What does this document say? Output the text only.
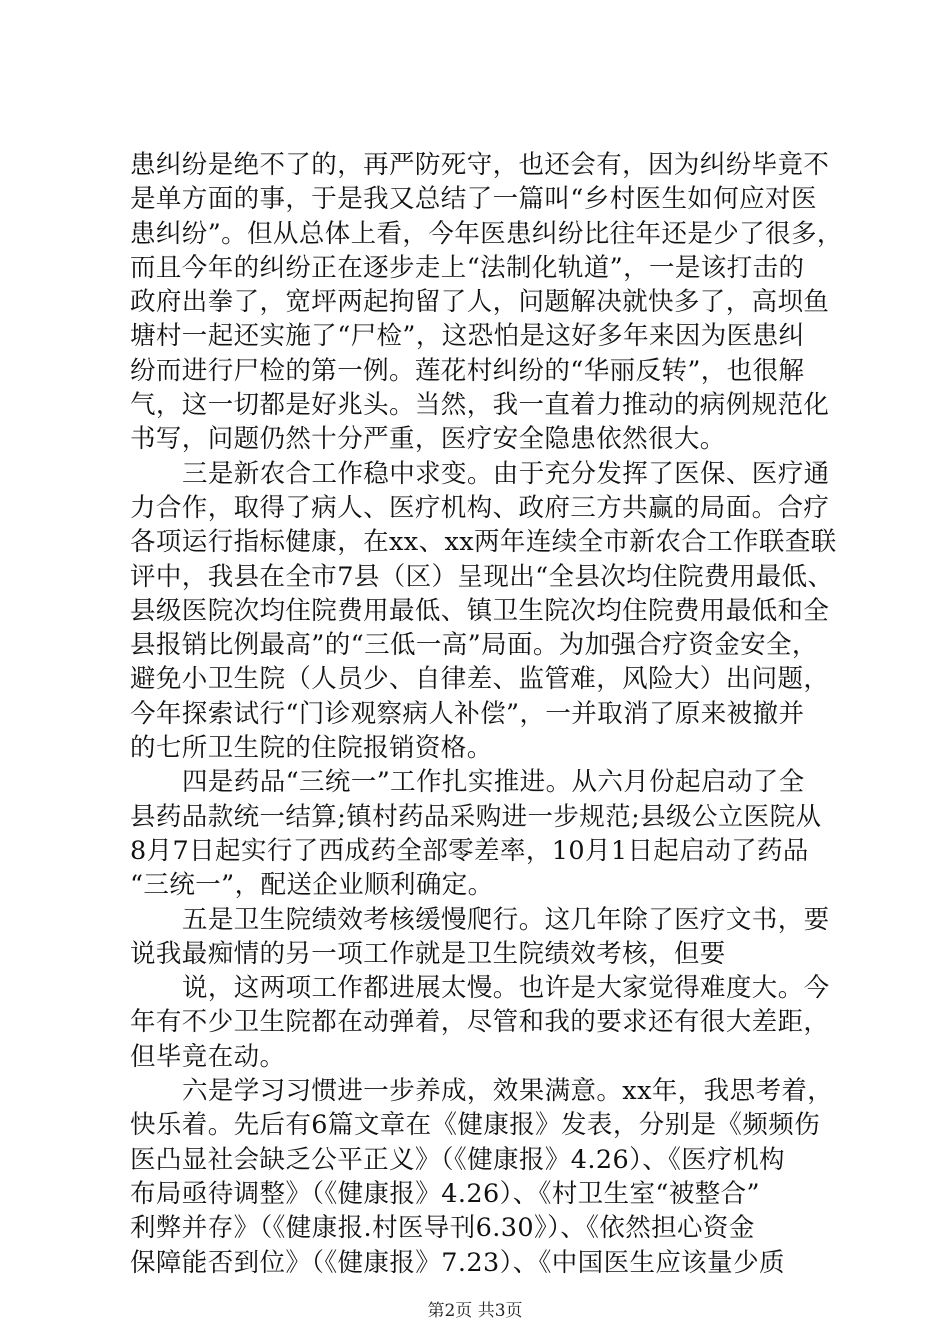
患纠纷是绝不了的，再严防死守，也还会有，因为纠纷毕竟不
是单方面的事，于是我又总结了一篇叫“乡村医生如何应对医
患纠纷”。但从总体上看，今年医患纠纷比往年还是少了很多，
而且今年的纠纷正在逐步走上“法制化轨道”，一是该打击的
政府出拳了，宽坪两起拘留了人，问题解决就快多了，高坝鱼
塘村一起还实施了“尸检”，这恐怕是这好多年来因为医患纠
纷而进行尸检的第一例。莲花村纠纷的“华丽反转”，也很解
气，这一切都是好兆头。当然，我一直着力推动的病例规范化
书写，问题仍然十分严重，医疗安全隐患依然很大。
三是新农合工作稳中求变。由于充分发挥了医保、医疗通
力合作，取得了病人、医疗机构、政府三方共赢的局面。合疗
各项运行指标健康，在xx、xx两年连续全市新农合工作联查联
评中，我县在全市7县（区）呈现出“全县次均住院费用最低、
县级医院次均住院费用最低、镇卫生院次均住院费用最低和全
县报销比例最高”的“三低一高”局面。为加强合疗资金安全，
避免小卫生院（人员少、自律差、监管难，风险大）出问题，
今年探索试行“门诊观察病人补偿”，一并取消了原来被撤并
的七所卫生院的住院报销资格。
四是药品“三统一”工作扎实推进。从六月份起启动了全
县药品款统一结算;镇村药品采购进一步规范;县级公立医院从
8月7日起实行了西成药全部零差率，10月1日起启动了药品
“三统一”，配送企业顺利确定。
五是卫生院绩效考核缓慢爬行。这几年除了医疗文书，要
说我最痴情的另一项工作就是卫生院绩效考核，但要
说，这两项工作都进展太慢。也许是大家觉得难度大。今
年有不少卫生院都在动弹着，尽管和我的要求还有很大差距，
但毕竟在动。
六是学习习惯进一步养成，效果满意。xx年，我思考着，
快乐着。先后有6篇文章在《健康报》发表，分别是《频频伤
医凸显社会缺乏公平正义》（《健康报》4.26）、《医疗机构
布局亟待调整》（《健康报》4.26）、《村卫生室“被整合”
利弊并存》（《健康报.村医导刊6.30》）、《依然担心资金
保障能否到位》（《健康报》7.23）、《中国医生应该量少质
第2页 共3页
